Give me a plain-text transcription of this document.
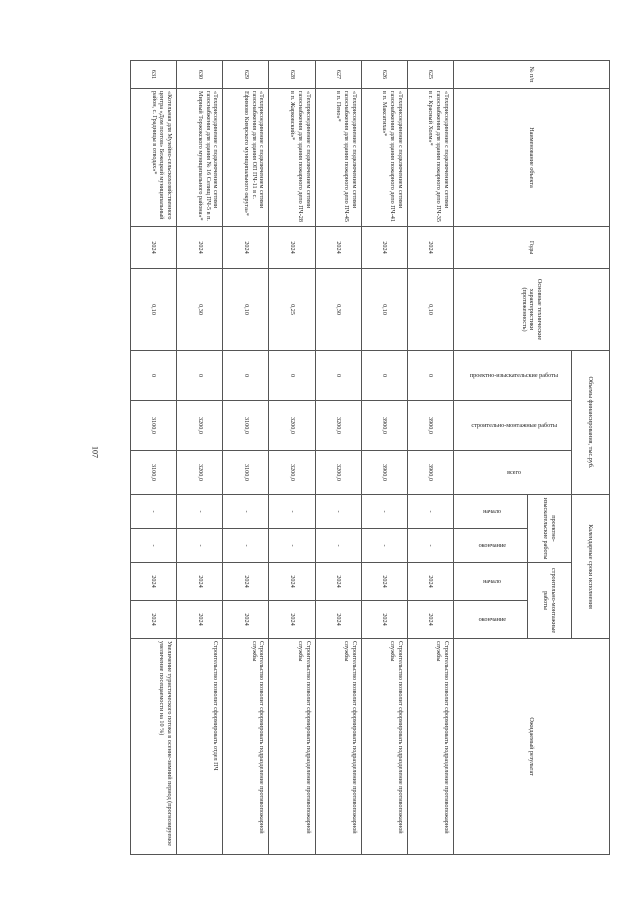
107
№ п/п	Наименование объекта	Годы	Основные технические характеристики (протяженность)	Объемы финансирования, тыс.руб.			Календарные сроки исполнения				Ожидаемый результат
				проектно-изыскательские работы	строительно-монтажные работы	всего	проектно-изыскательские работы		строительно-монтажные работы		
							начало	окончание	начало	окончание	
625	«Техприсоединение с подключением сетями газоснабжения для здания пожарного депо ПЧ-35 в г. Красный Холм»*	2024	0,10	0	3900,0	3900,0	-	-	2024	2024	Строительство позволит сформировать подразделение противопожарной службы
626	«Техприсоединение с подключением сетями газоснабжения для здания пожарного депо ПЧ-41 в п. Максатиха»*	2024	0,10	0	3900,0	3900,0	-	-	2024	2024	Строительство позволит сформировать подразделение противопожарной службы
627	«Техприсоединение с подключением сетями газоснабжения для здания пожарного депо ПЧ-45 в п. Пено»*	2024	0,30	0	3200,0	3200,0	-	-	2024	2024	Строительство позволит сформировать подразделение противопожарной службы
628	«Техприсоединение с подключением сетями газоснабжения для здания пожарного депо ПЧ-28 в п. Жарковский»*	2024	0,25	0	3200,0	3200,0	-	-	2024	2024	Строительство позволит сформировать подразделение противопожарной службы
629	«Техприсоединение с подключением сетями газоснабжения для здания ОП ПЧ-11 в с. Ефимово Кимрского муниципального округа»*	2024	0,10	0	3100,0	3100,0	-	-	2024	2024	Строительство позволит сформировать подразделение противопожарной службы
630	«Техприсоединение с подключением сетями газоснабжения для здания № 16 Селищ ПЧ-5 в п. Мирный Торжокского муниципального района»*	2024	0,30	0	3200,0	3200,0	-	-	2024	2024	Строительство позволит сформировать отдел ПЧ
631	«Котельная для Музейно-сельскохозяйственного центра «Дом поэтов» Бежецкий муниципальный район, с. Градницы в отводах»*	2024	0,10	0	3100,0	3100,0	-	-	2024	2024	Увеличение туристического потока в осенне-зимний период (прогнозируемое увеличение посещаемости на 10 %)
